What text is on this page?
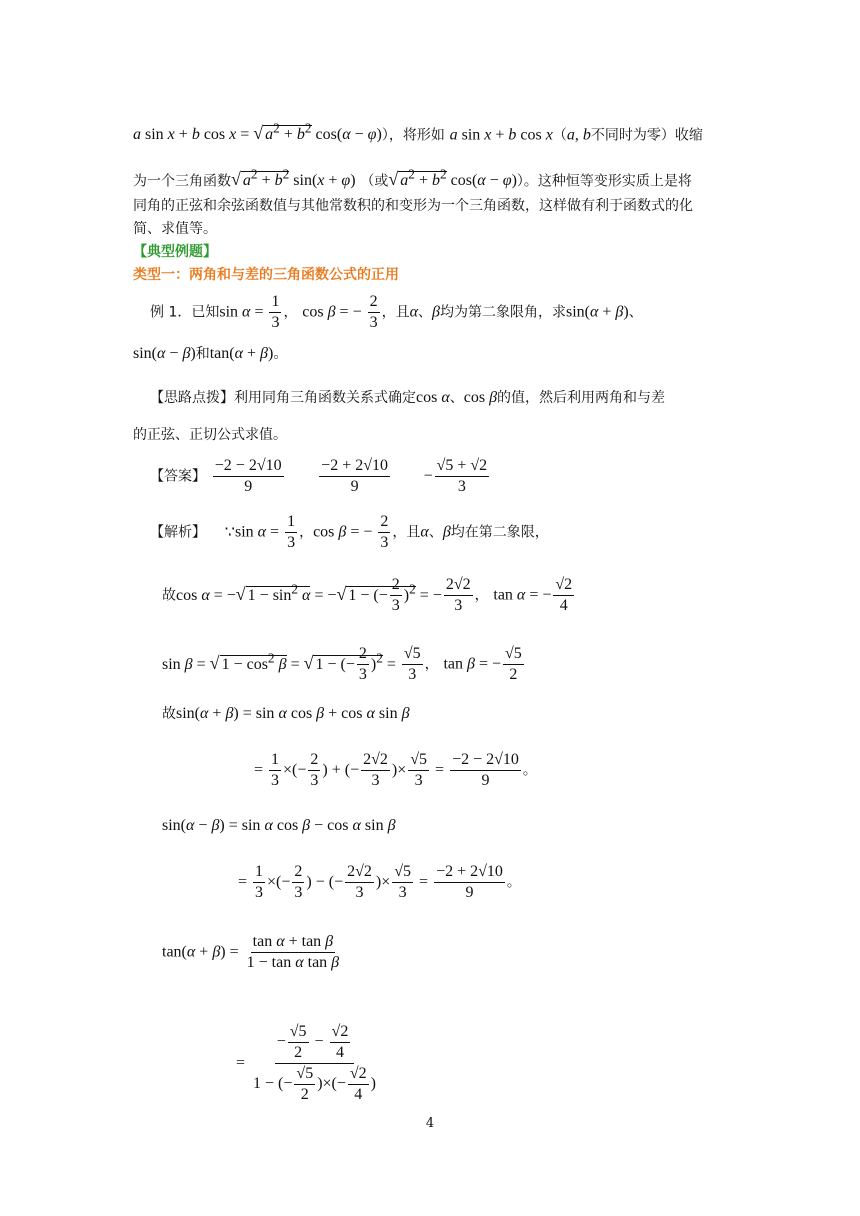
a sin x + b cos x = √ $a^2 + b^2$ cos(α − φ)），将形如 a sin x + b cos x（a, b不同时为零）收缩
为一个三角函数√ $a^2 + b^2$ sin(x + φ) （或√ $a^2 + b^2$ cos(α − φ)）。这种恒等变形实质上是将
同角的正弦和余弦函数值与其他常数积的和变形为一个三角函数，这样做有利于函数式的化
简、求值等。
【典型例题】
类型一：两角和与差的三角函数公式的正用
例 1．已知$\sin \alpha = \frac{1}{3}$ ， cos β = − $\frac{2}{3}$ ，且α、β均为第二象限角，求sin(α + β)、
sin(α − β)和tan(α + β)。
【思路点拨】利用同角三角函数关系式确定cos α、cos β的值，然后利用两角和与差
的正弦、正切公式求值。
【答案】 $\frac{-2 - 2√10}{9}$
$\frac{-2 + 2√10}{9} - \frac{√5 + √2}{3}$
【解析】 ∵sin $\alpha = \frac{1}{3}$ ，cos β = − $\frac{2}{3}$ ，且α、β均在第二象限，
故cos α = −√ $1 - \sin^2 \alpha$ = −√ 1 − (− $\frac{2}{3} )^2$ = − $\frac{2√2}{3}$ ， tan α = − $\frac{√2}{4}$
sin β = √ $1 - \cos^2 \beta$ = √ 1 − (− $\frac{2}{3} )^2 = \frac{√5}{3}$ ， tan β = − $\frac{√5}{2}$
故sin(α + β) = sin α cos β + cos α sin β
= $\frac{1}{3}$ ×(− $\frac{2}{3}$ ) + (− $\frac{2√2}{3}$ )× $\frac{√5}{3} = \frac{-2 - 2√10}{9}$ 。
sin(α − β) = sin α cos β − cos α sin β
= $\frac{1}{3}$ ×(− $\frac{2}{3}$ ) − (− $\frac{2√2}{3}$ )× $\frac{√5}{3} = \frac{-2 + 2√10}{9}$ 。
$\tan(\alpha + \beta) = \frac{\text{tan α + tan β}}{\text{1 − tan α tan β}}$
= $\frac{- \frac{√5}{2} - \frac{√2}{4}}{1 - (- \frac{√5}{2} )\times(- \frac{√2}{4} )}$
4
